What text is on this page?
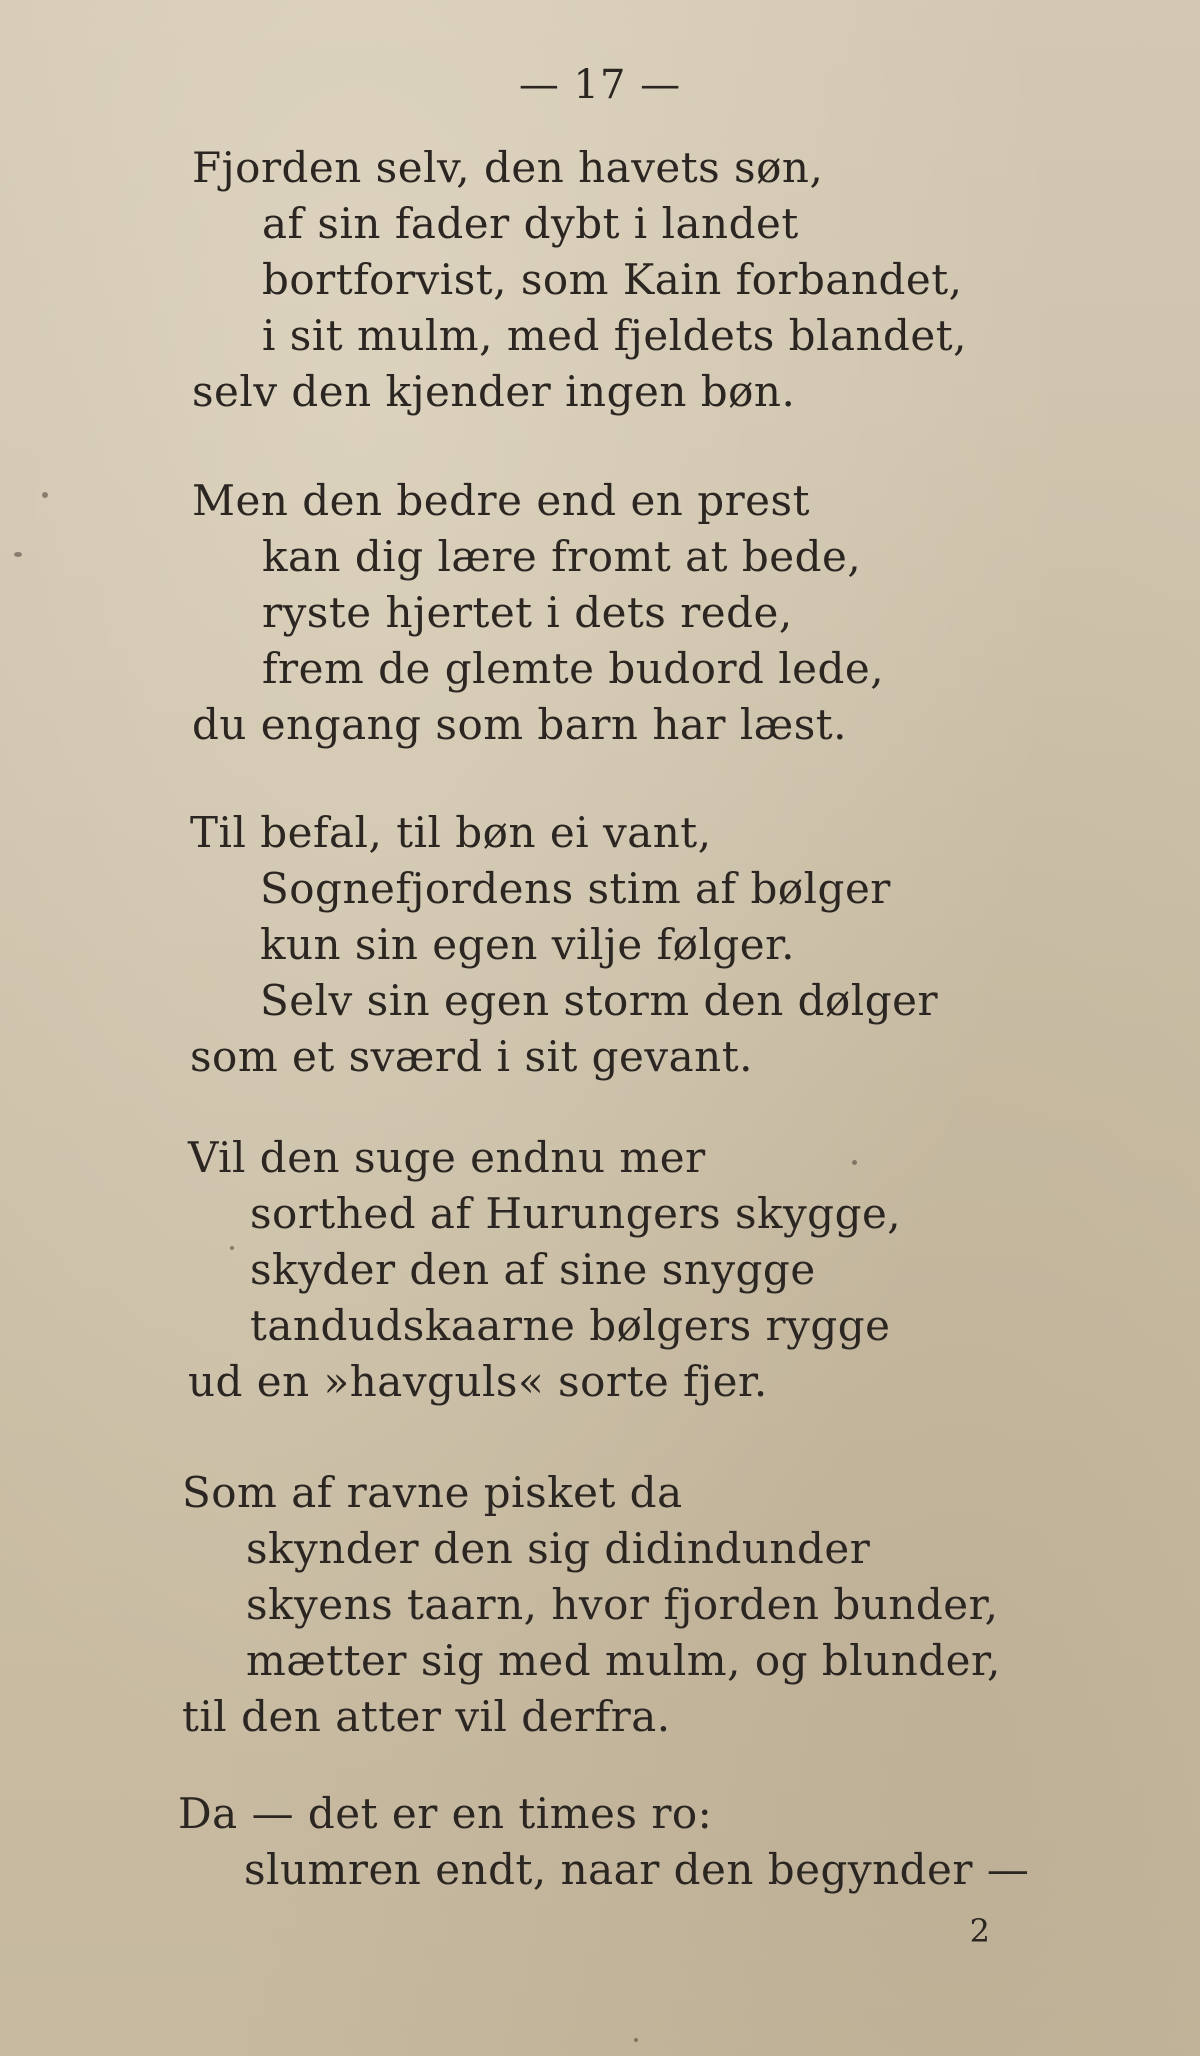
— 17 —
Fjorden selv, den havets søn,
af sin fader dybt i landet
bortforvist, som Kain forbandet,
i sit mulm, med fjeldets blandet,
selv den kjender ingen bøn.
Men den bedre end en prest
kan dig lære fromt at bede,
ryste hjertet i dets rede,
frem de glemte budord lede,
du engang som barn har læst.
Til befal, til bøn ei vant,
Sognefjordens stim af bølger
kun sin egen vilje følger.
Selv sin egen storm den dølger
som et sværd i sit gevant.
Vil den suge endnu mer
sorthed af Hurungers skygge,
skyder den af sine snygge
tandudskaarne bølgers rygge
ud en »havguls« sorte fjer.
Som af ravne pisket da
skynder den sig didindunder
skyens taarn, hvor fjorden bunder,
mætter sig med mulm, og blunder,
til den atter vil derfra.
Da — det er en times ro:
slumren endt, naar den begynder —
2
